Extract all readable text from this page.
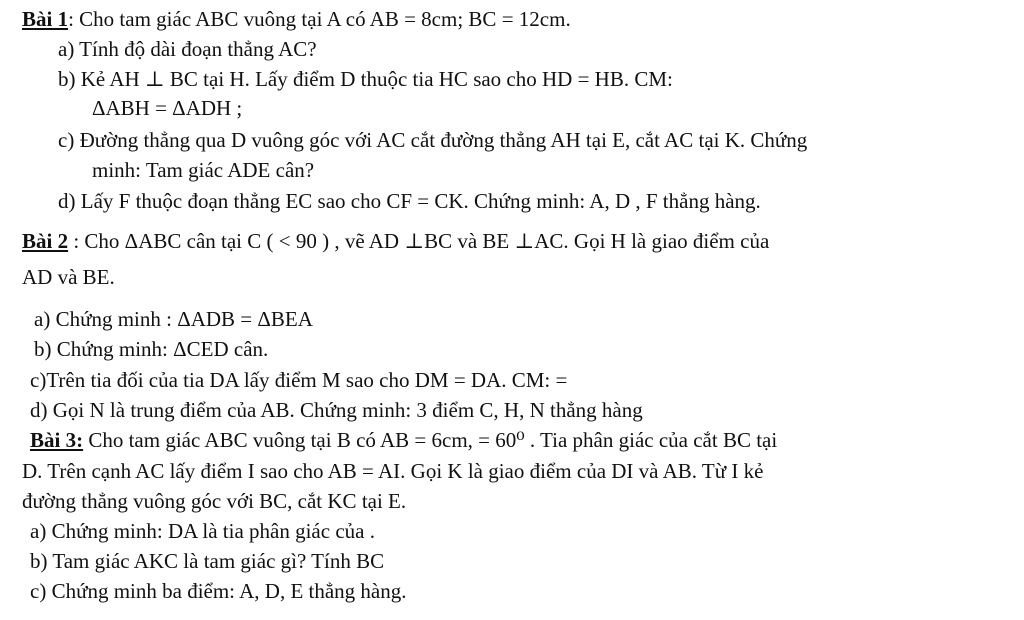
Bài 1: Cho tam giác ABC vuông tại A có AB = 8cm; BC = 12cm.
a) Tính độ dài đoạn thẳng AC?
b) Kẻ AH ⊥ BC tại H. Lấy điểm D thuộc tia HC sao cho HD = HB. CM:
ΔABH = ΔADH ;
c) Đường thẳng qua D vuông góc với AC cắt đường thẳng AH tại E, cắt AC tại K. Chứng
minh: Tam giác ADE cân?
d) Lấy F thuộc đoạn thẳng EC sao cho CF = CK. Chứng minh: A, D , F thẳng hàng.
Bài 2 : Cho ΔABC cân tại C ( < 90 ) , vẽ AD ⊥BC và BE ⊥AC. Gọi H là giao điểm của
AD và BE.
a) Chứng minh : ΔADB = ΔBEA
b) Chứng minh: ΔCED cân.
c)Trên tia đối của tia DA lấy điểm M sao cho DM = DA. CM: =
d) Gọi N là trung điểm của AB. Chứng minh: 3 điểm C, H, N thẳng hàng
Bài 3: Cho tam giác ABC vuông tại B có AB = 6cm, = 60⁰ . Tia phân giác của cắt BC tại
D. Trên cạnh AC lấy điểm I sao cho AB = AI. Gọi K là giao điểm của DI và AB. Từ I kẻ
đường thẳng vuông góc với BC, cắt KC tại E.
a) Chứng minh: DA là tia phân giác của .
b) Tam giác AKC là tam giác gì? Tính BC
c) Chứng minh ba điểm: A, D, E thẳng hàng.
